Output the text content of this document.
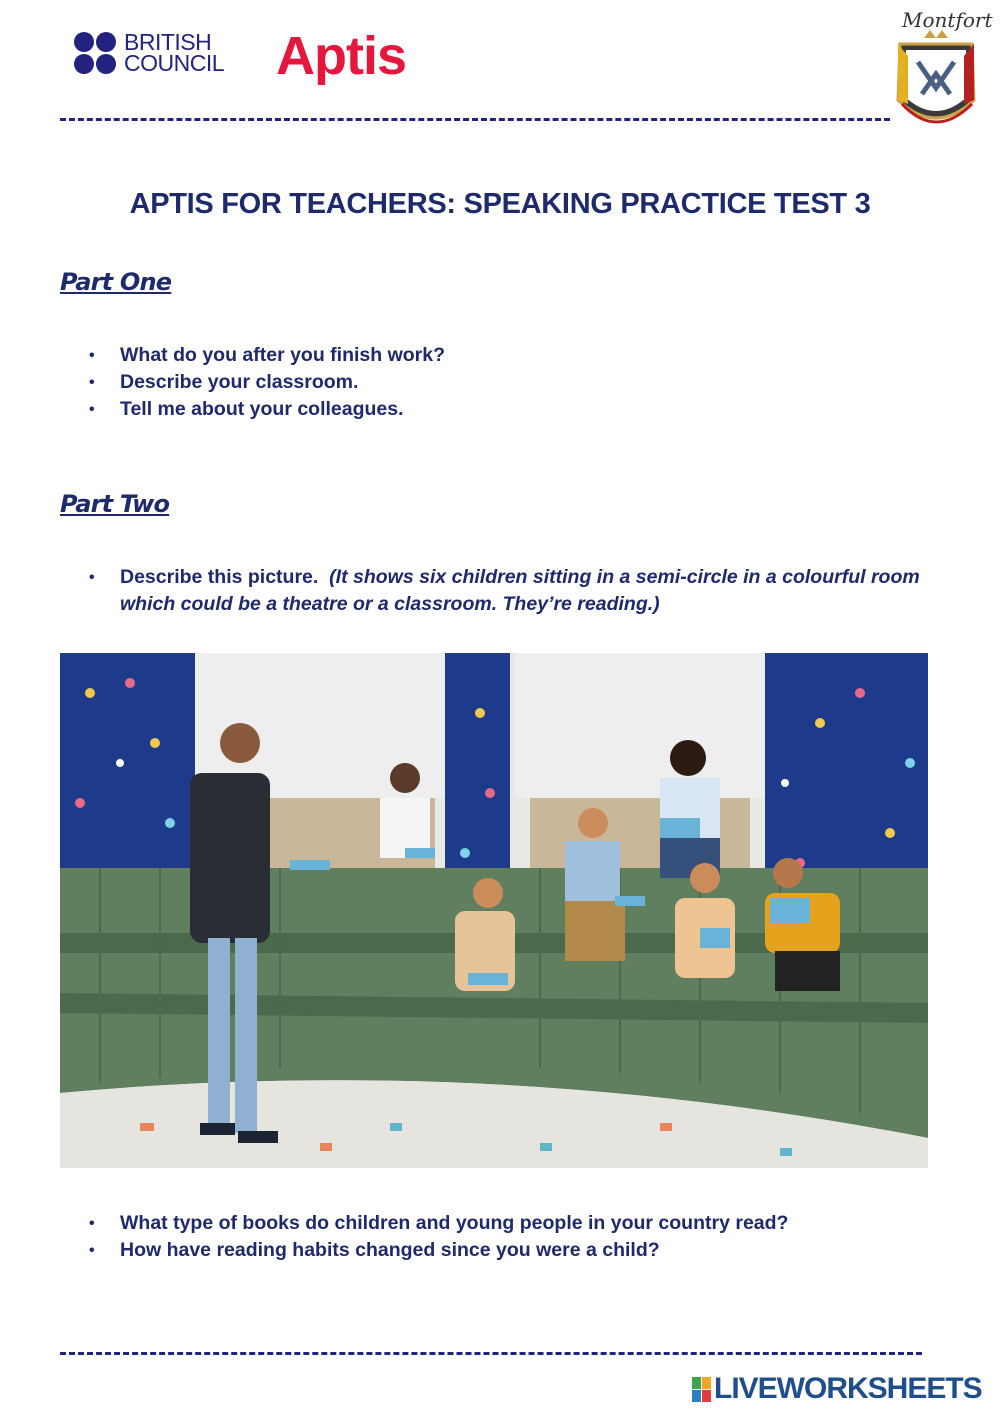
BRITISH
COUNCIL Aptis
Montfort
APTIS FOR TEACHERS: SPEAKING PRACTICE TEST 3
Part One
• What do you after you finish work?
• Describe your classroom.
• Tell me about your colleagues.
Part Two
• Describe this picture. (It shows six children sitting in a semi-circle in a colourful room which could be a theatre or a classroom. They’re reading.)
• What type of books do children and young people in your country read?
• How have reading habits changed since you were a child?
LIVEWORKSHEETS
